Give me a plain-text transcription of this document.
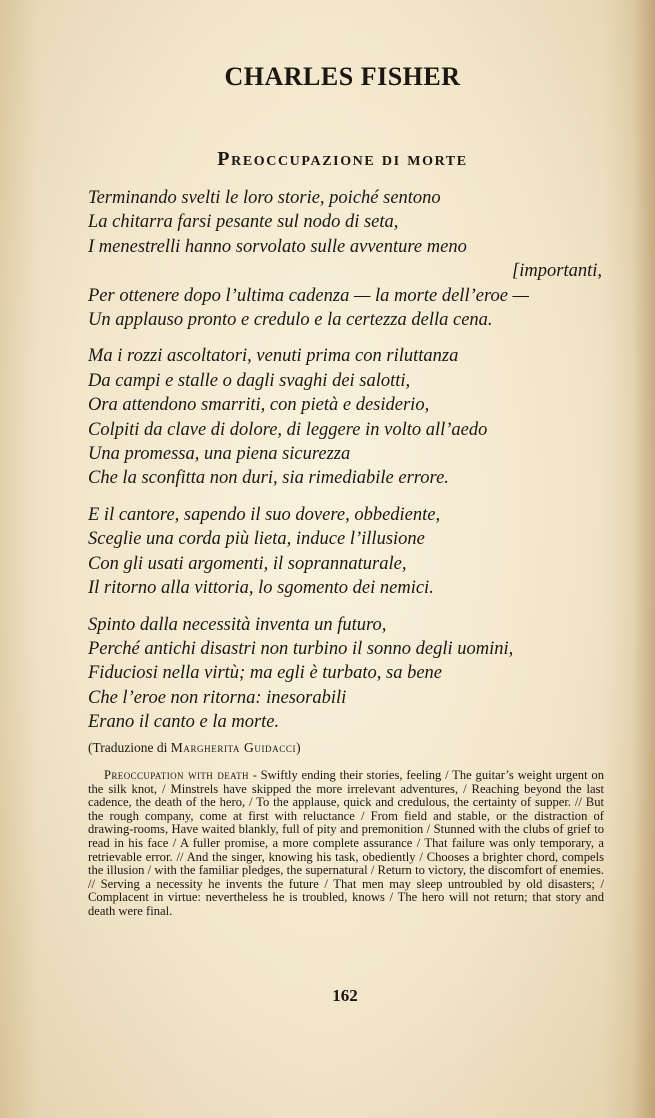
CHARLES FISHER
Preoccupazione di morte
Terminando svelti le loro storie, poiché sentono
La chitarra farsi pesante sul nodo di seta,
I menestrelli hanno sorvolato sulle avventure meno
[importanti,
Per ottenere dopo l’ultima cadenza — la morte dell’eroe —
Un applauso pronto e credulo e la certezza della cena.
Ma i rozzi ascoltatori, venuti prima con riluttanza
Da campi e stalle o dagli svaghi dei salotti,
Ora attendono smarriti, con pietà e desiderio,
Colpiti da clave di dolore, di leggere in volto all’aedo
Una promessa, una piena sicurezza
Che la sconfitta non duri, sia rimediabile errore.
E il cantore, sapendo il suo dovere, obbediente,
Sceglie una corda più lieta, induce l’illusione
Con gli usati argomenti, il soprannaturale,
Il ritorno alla vittoria, lo sgomento dei nemici.
Spinto dalla necessità inventa un futuro,
Perché antichi disastri non turbino il sonno degli uomini,
Fiduciosi nella virtù; ma egli è turbato, sa bene
Che l’eroe non ritorna: inesorabili
Erano il canto e la morte.

(Traduzione di Margherita Guidacci)

Preoccupation with death - Swiftly ending their stories, feeling / The guitar’s weight urgent on the silk knot, / Minstrels have skipped the more irrelevant adventures, / Reaching beyond the last cadence, the death of the hero, / To the applause, quick and credulous, the certainty of supper. // But the rough company, come at first with reluctance / From field and stable, or the distraction of drawing-rooms, Have waited blankly, full of pity and premonition / Stunned with the clubs of grief to read in his face / A fuller promise, a more complete assurance / That failure was only temporary, a retrievable error. // And the singer, knowing his task, obediently / Chooses a brighter chord, compels the illusion / with the familiar pledges, the supernatural / Return to victory, the discomfort of enemies. // Serving a necessity he invents the future / That men may sleep untroubled by old disasters; / Complacent in virtue: nevertheless he is troubled, knows / The hero will not return; that story and death were final.

162
